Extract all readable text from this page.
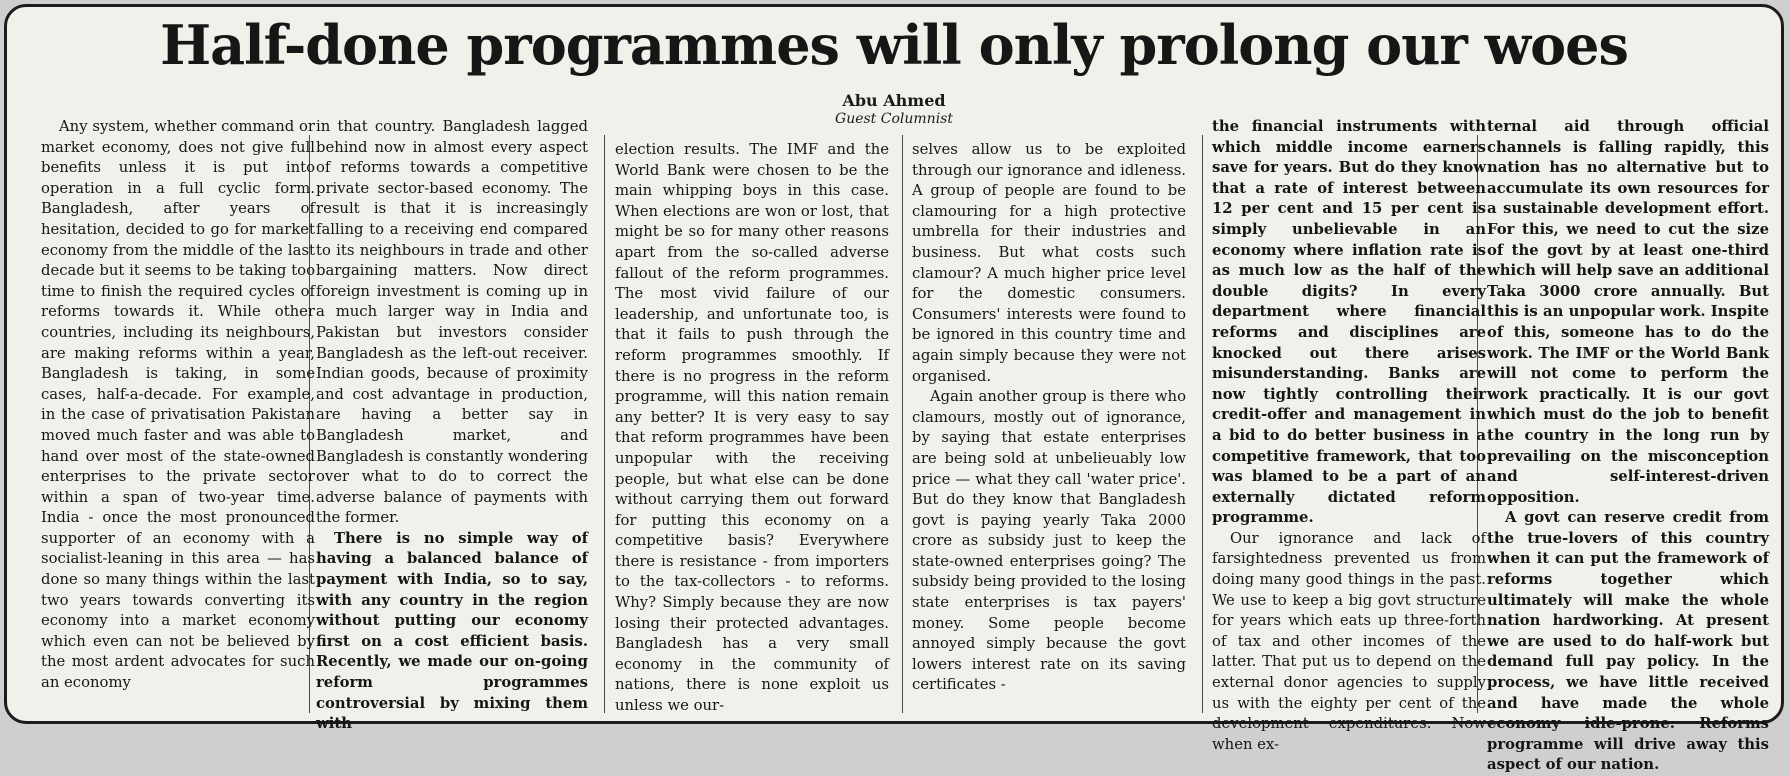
Half-done programmes will only prolong our woes
Abu Ahmed
Guest Columnist

Any system, whether command or market economy, does not give full benefits unless it is put into operation in a full cyclic form. Bangladesh, after years of hesitation, decided to go for market economy from the middle of the last decade but it seems to be taking too time to finish the required cycles of reforms towards it. While other countries, including its neighbours, are making reforms within a year, Bangladesh is taking, in some cases, half-a-decade. For example, in the case of privatisation Pakistan moved much faster and was able to hand over most of the state-owned enterprises to the private sector within a span of two-year time. India - once the most pronounced supporter of an economy with a socialist-leaning in this area — has done so many things within the last two years towards converting its economy into a market economy which even can not be believed by the most ardent advocates for such an economy

in that country. Bangladesh lagged behind now in almost every aspect of reforms towards a competitive private sector-based economy. The result is that it is increasingly falling to a receiving end compared to its neighbours in trade and other bargaining matters. Now direct foreign investment is coming up in a much larger way in India and Pakistan but investors consider Bangladesh as the left-out receiver. Indian goods, because of proximity and cost advantage in production, are having a better say in Bangladesh market, and Bangladesh is constantly wondering over what to do to correct the adverse balance of payments with the former.

There is no simple way of having a balanced balance of payment with India, so to say, with any country in the region without putting our economy first on a cost efficient basis. Recently, we made our on-going reform programmes controversial by mixing them with

election results. The IMF and the World Bank were chosen to be the main whipping boys in this case. When elections are won or lost, that might be so for many other reasons apart from the so-called adverse fallout of the reform programmes. The most vivid failure of our leadership, and unfortunate too, is that it fails to push through the reform programmes smoothly. If there is no progress in the reform programme, will this nation remain any better? It is very easy to say that reform programmes have been unpopular with the receiving people, but what else can be done without carrying them out forward for putting this economy on a competitive basis? Everywhere there is resistance - from importers to the tax-collectors - to reforms. Why? Simply because they are now losing their protected advantages. Bangladesh has a very small economy in the community of nations, there is none exploit us unless we our-

selves allow us to be exploited through our ignorance and idleness. A group of people are found to be clamouring for a high protective umbrella for their industries and business. But what costs such clamour? A much higher price level for the domestic consumers. Consumers' interests were found to be ignored in this country time and again simply because they were not organised.

Again another group is there who clamours, mostly out of ignorance, by saying that estate enterprises are being sold at unbelieuably low price — what they call 'water price'. But do they know that Bangladesh govt is paying yearly Taka 2000 crore as subsidy just to keep the state-owned enterprises going? The subsidy being provided to the losing state enterprises is tax payers' money. Some people become annoyed simply because the govt lowers interest rate on its saving certificates -

the financial instruments with which middle income earners save for years. But do they know that a rate of interest between 12 per cent and 15 per cent is simply unbelievable in an economy where inflation rate is as much low as the half of the double digits? In every department where financial reforms and disciplines are knocked out there arises misunderstanding. Banks are now tightly controlling their credit-offer and management in a bid to do better business in a competitive framework, that too was blamed to be a part of an externally dictated reform programme.

Our ignorance and lack of farsightedness prevented us from doing many good things in the past. We use to keep a big govt structure for years which eats up three-forth of tax and other incomes of the latter. That put us to depend on the external donor agencies to supply us with the eighty per cent of the development expenditures. Now when ex-

ternal aid through official channels is falling rapidly, this nation has no alternative but to accumulate its own resources for a sustainable development effort. For this, we need to cut the size of the govt by at least one-third which will help save an additional Taka 3000 crore annually. But this is an unpopular work. Inspite of this, someone has to do the work. The IMF or the World Bank will not come to perform the work practically. It is our govt which must do the job to benefit the country in the long run by prevailing on the misconception and self-interest-driven opposition.

A govt can reserve credit from the true-lovers of this country when it can put the framework of reforms together which ultimately will make the whole nation hardworking. At present we are used to do half-work but demand full pay policy. In the process, we have little received and have made the whole economy idle-prone. Reforms programme will drive away this aspect of our nation.
